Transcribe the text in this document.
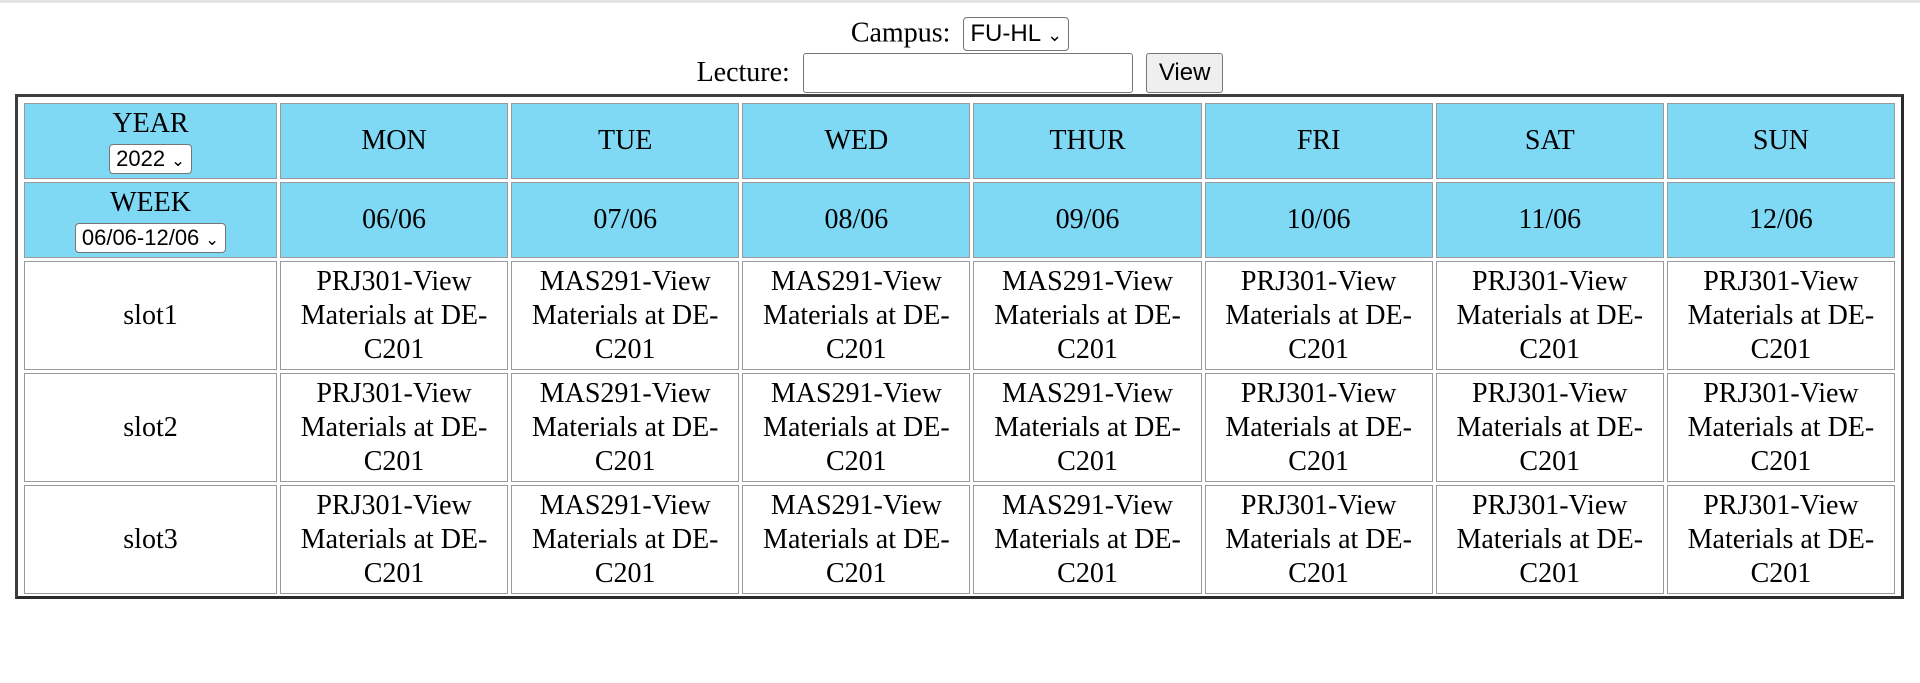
Campus: FU-HL ⌄
Lecture:	View
YEAR
2022 ⌄	MON	TUE	WED	THUR	FRI	SAT	SUN

WEEK
06/06-12/06 ⌄	06/06	07/06	08/06	09/06	10/06	11/06	12/06
slot1	PRJ301-View Materials at DE-C201	MAS291-View Materials at DE-C201	MAS291-View Materials at DE-C201	MAS291-View Materials at DE-C201	PRJ301-View Materials at DE-C201	PRJ301-View Materials at DE-C201	PRJ301-View Materials at DE-C201
slot2	PRJ301-View Materials at DE-C201	MAS291-View Materials at DE-C201	MAS291-View Materials at DE-C201	MAS291-View Materials at DE-C201	PRJ301-View Materials at DE-C201	PRJ301-View Materials at DE-C201	PRJ301-View Materials at DE-C201
slot3	PRJ301-View Materials at DE-C201	MAS291-View Materials at DE-C201	MAS291-View Materials at DE-C201	MAS291-View Materials at DE-C201	PRJ301-View Materials at DE-C201	PRJ301-View Materials at DE-C201	PRJ301-View Materials at DE-C201
